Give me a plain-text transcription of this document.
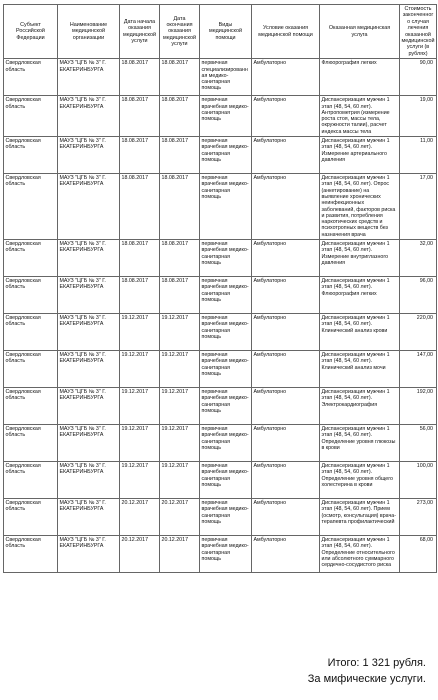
Субъект Российской Федерации	Наименование медицинской организации	Дата начала оказания медицинской услуги	Дата окончания оказания медицинской услуги	Виды медицинской помощи	Условие оказания медицинской помощи	Оказанная медицинская услуга	Стоимость законченного случая лечения оказанной медицинской услуги (в рублях)
Свердловская область	МАУЗ "ЦГБ № 3" Г. ЕКАТЕРИНБУРГА	18.08.2017	18.08.2017	первичная специализированная медико-санитарная помощь	Амбулаторно	Флюорография легких	90,00
Свердловская область	МАУЗ "ЦГБ № 3" Г. ЕКАТЕРИНБУРГА	18.08.2017	18.08.2017	первичная врачебная медико-санитарная помощь	Амбулаторно	Диспансеризация мужчин 1 этап (48, 54, 60 лет). Антропометрия (измерение роста стоя, массы тела, окружности талии), расчет индекса массы тела	19,00
Свердловская область	МАУЗ "ЦГБ № 3" Г. ЕКАТЕРИНБУРГА	18.08.2017	18.08.2017	первичная врачебная медико-санитарная помощь	Амбулаторно	Диспансеризация мужчин 1 этап (48, 54, 60 лет). Измерение артериального давления	11,00
Свердловская область	МАУЗ "ЦГБ № 3" Г. ЕКАТЕРИНБУРГА	18.08.2017	18.08.2017	первичная врачебная медико-санитарная помощь	Амбулаторно	Диспансеризация мужчин 1 этап (48, 54, 60 лет). Опрос (анкетирование) на выявление хронических неинфекционных заболеваний, факторов риска и развития, потребления наркотических средств и психотропных веществ без назначения врача	17,00
Свердловская область	МАУЗ "ЦГБ № 3" Г. ЕКАТЕРИНБУРГА	18.08.2017	18.08.2017	первичная врачебная медико-санитарная помощь	Амбулаторно	Диспансеризация мужчин 1 этап (48, 54, 60 лет). Измерение внутриглазного давления	32,00
Свердловская область	МАУЗ "ЦГБ № 3" Г. ЕКАТЕРИНБУРГА	18.08.2017	18.08.2017	первичная врачебная медико-санитарная помощь	Амбулаторно	Диспансеризация мужчин 1 этап (48, 54, 60 лет). Флюорография легких	96,00
Свердловская область	МАУЗ "ЦГБ № 3" Г. ЕКАТЕРИНБУРГА	19.12.2017	19.12.2017	первичная врачебная медико-санитарная помощь	Амбулаторно	Диспансеризация мужчин 1 этап (48, 54, 60 лет). Клинический анализ крови	220,00
Свердловская область	МАУЗ "ЦГБ № 3" Г. ЕКАТЕРИНБУРГА	19.12.2017	19.12.2017	первичная врачебная медико-санитарная помощь	Амбулаторно	Диспансеризация мужчин 1 этап (48, 54, 60 лет). Клинический анализ мочи	147,00
Свердловская область	МАУЗ "ЦГБ № 3" Г. ЕКАТЕРИНБУРГА	19.12.2017	19.12.2017	первичная врачебная медико-санитарная помощь	Амбулаторно	Диспансеризация мужчин 1 этап (48, 54, 60 лет). Электрокардиография	192,00
Свердловская область	МАУЗ "ЦГБ № 3" Г. ЕКАТЕРИНБУРГА	19.12.2017	19.12.2017	первичная врачебная медико-санитарная помощь	Амбулаторно	Диспансеризация мужчин 1 этап (48, 54, 60 лет). Определение уровня глюкозы в крови	56,00
Свердловская область	МАУЗ "ЦГБ № 3" Г. ЕКАТЕРИНБУРГА	19.12.2017	19.12.2017	первичная врачебная медико-санитарная помощь	Амбулаторно	Диспансеризация мужчин 1 этап (48, 54, 60 лет). Определение уровня общего холестерина в крови	100,00
Свердловская область	МАУЗ "ЦГБ № 3" Г. ЕКАТЕРИНБУРГА	20.12.2017	20.12.2017	первичная врачебная медико-санитарная помощь	Амбулаторно	Диспансеризация мужчин 1 этап (48, 54, 60 лет). Прием (осмотр, консультация) врача-терапевта профилактический	273,00
Свердловская область	МАУЗ "ЦГБ № 3" Г. ЕКАТЕРИНБУРГА	20.12.2017	20.12.2017	первичная врачебная медико-санитарная помощь	Амбулаторно	Диспансеризация мужчин 1 этап (48, 54, 60 лет). Определение относительного или абсолютного суммарного сердечно-сосудистого риска	68,00
Итого: 1 321 рубля.
За мифические услуги.
